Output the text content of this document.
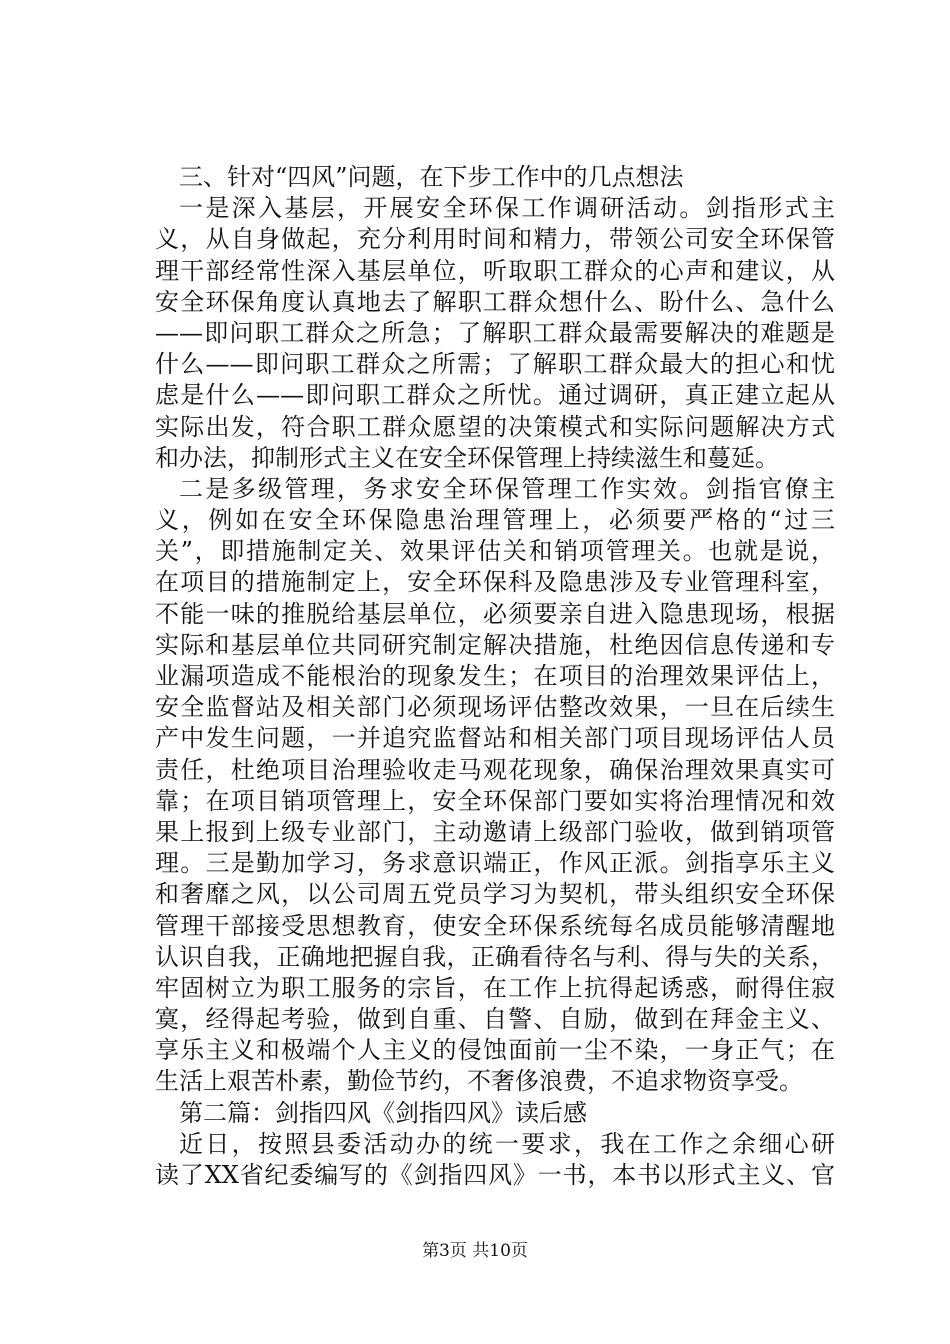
三、针对“四风”问题，在下步工作中的几点想法
一是深入基层，开展安全环保工作调研活动。剑指形式主
义，从自身做起，充分利用时间和精力，带领公司安全环保管
理干部经常性深入基层单位，听取职工群众的心声和建议，从
安全环保角度认真地去了解职工群众想什么、盼什么、急什么
——即问职工群众之所急；了解职工群众最需要解决的难题是
什么——即问职工群众之所需；了解职工群众最大的担心和忧
虑是什么——即问职工群众之所忧。通过调研，真正建立起从
实际出发，符合职工群众愿望的决策模式和实际问题解决方式
和办法，抑制形式主义在安全环保管理上持续滋生和蔓延。
二是多级管理，务求安全环保管理工作实效。剑指官僚主
义，例如在安全环保隐患治理管理上，必须要严格的“过三
关”，即措施制定关、效果评估关和销项管理关。也就是说，
在项目的措施制定上，安全环保科及隐患涉及专业管理科室，
不能一味的推脱给基层单位，必须要亲自进入隐患现场，根据
实际和基层单位共同研究制定解决措施，杜绝因信息传递和专
业漏项造成不能根治的现象发生；在项目的治理效果评估上，
安全监督站及相关部门必须现场评估整改效果，一旦在后续生
产中发生问题，一并追究监督站和相关部门项目现场评估人员
责任，杜绝项目治理验收走马观花现象，确保治理效果真实可
靠；在项目销项管理上，安全环保部门要如实将治理情况和效
果上报到上级专业部门，主动邀请上级部门验收，做到销项管
理。三是勤加学习，务求意识端正，作风正派。剑指享乐主义
和奢靡之风，以公司周五党员学习为契机，带头组织安全环保
管理干部接受思想教育，使安全环保系统每名成员能够清醒地
认识自我，正确地把握自我，正确看待名与利、得与失的关系，
牢固树立为职工服务的宗旨，在工作上抗得起诱惑，耐得住寂
寞，经得起考验，做到自重、自警、自励，做到在拜金主义、
享乐主义和极端个人主义的侵蚀面前一尘不染，一身正气；在
生活上艰苦朴素，勤俭节约，不奢侈浪费，不追求物资享受。
第二篇：剑指四风《剑指四风》读后感
近日，按照县委活动办的统一要求，我在工作之余细心研
读了XX省纪委编写的《剑指四风》一书，本书以形式主义、官
第3页 共10页
